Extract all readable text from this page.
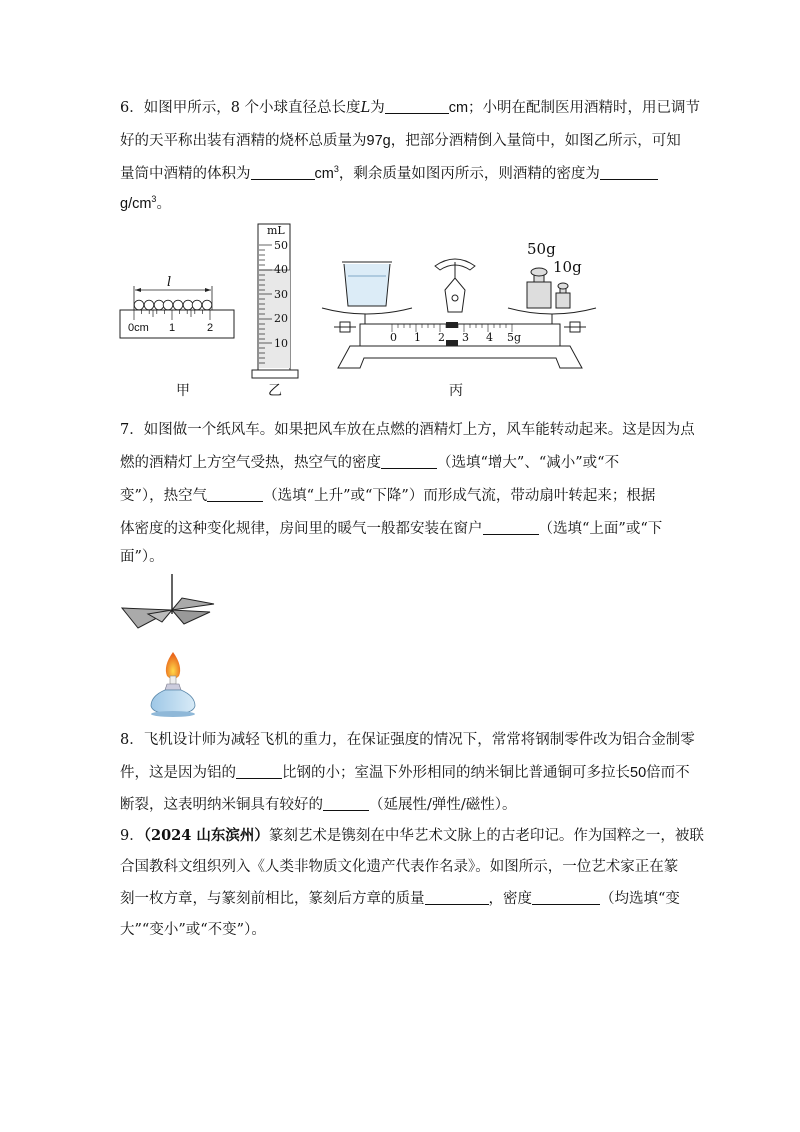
6．如图甲所示，8 个小球直径总长度L为	cm；小明在配制医用酒精时，用已调节
好的天平称出装有酒精的烧杯总质量为97g，把部分酒精倒入量筒中，如图乙所示，可知
量筒中酒精的体积为	$cm^3$，剩余质量如图丙所示，则酒精的密度为
$g/cm^3$。
l
0cm 1	2
甲
mL
50
40
30
20
10
乙
50g
10g
0 1 2 3 4 5g
丙
7．如图做一个纸风车。如果把风车放在点燃的酒精灯上方，风车能转动起来。这是因为点
燃的酒精灯上方空气受热，热空气的密度	（选填“增大”、“减小”或“不
变”），热空气	（选填“上升”或“下降”）而形成气流，带动扇叶转起来；根据
体密度的这种变化规律，房间里的暖气一般都安装在窗户	（选填“上面”或“下
面”）。
8．飞机设计师为减轻飞机的重力，在保证强度的情况下，常常将钢制零件改为铝合金制零
件，这是因为铝的	比钢的小；室温下外形相同的纳米铜比普通铜可多拉长50倍而不
断裂，这表明纳米铜具有较好的	（延展性/弹性/磁性）。
9．（2024 山东滨州）篆刻艺术是镌刻在中华艺术文脉上的古老印记。作为国粹之一，被联
合国教科文组织列入《人类非物质文化遗产代表作名录》。如图所示，一位艺术家正在篆
刻一枚方章，与篆刻前相比，篆刻后方章的质量	，密度	（均选填“变
大”“变小”或“不变”）。
